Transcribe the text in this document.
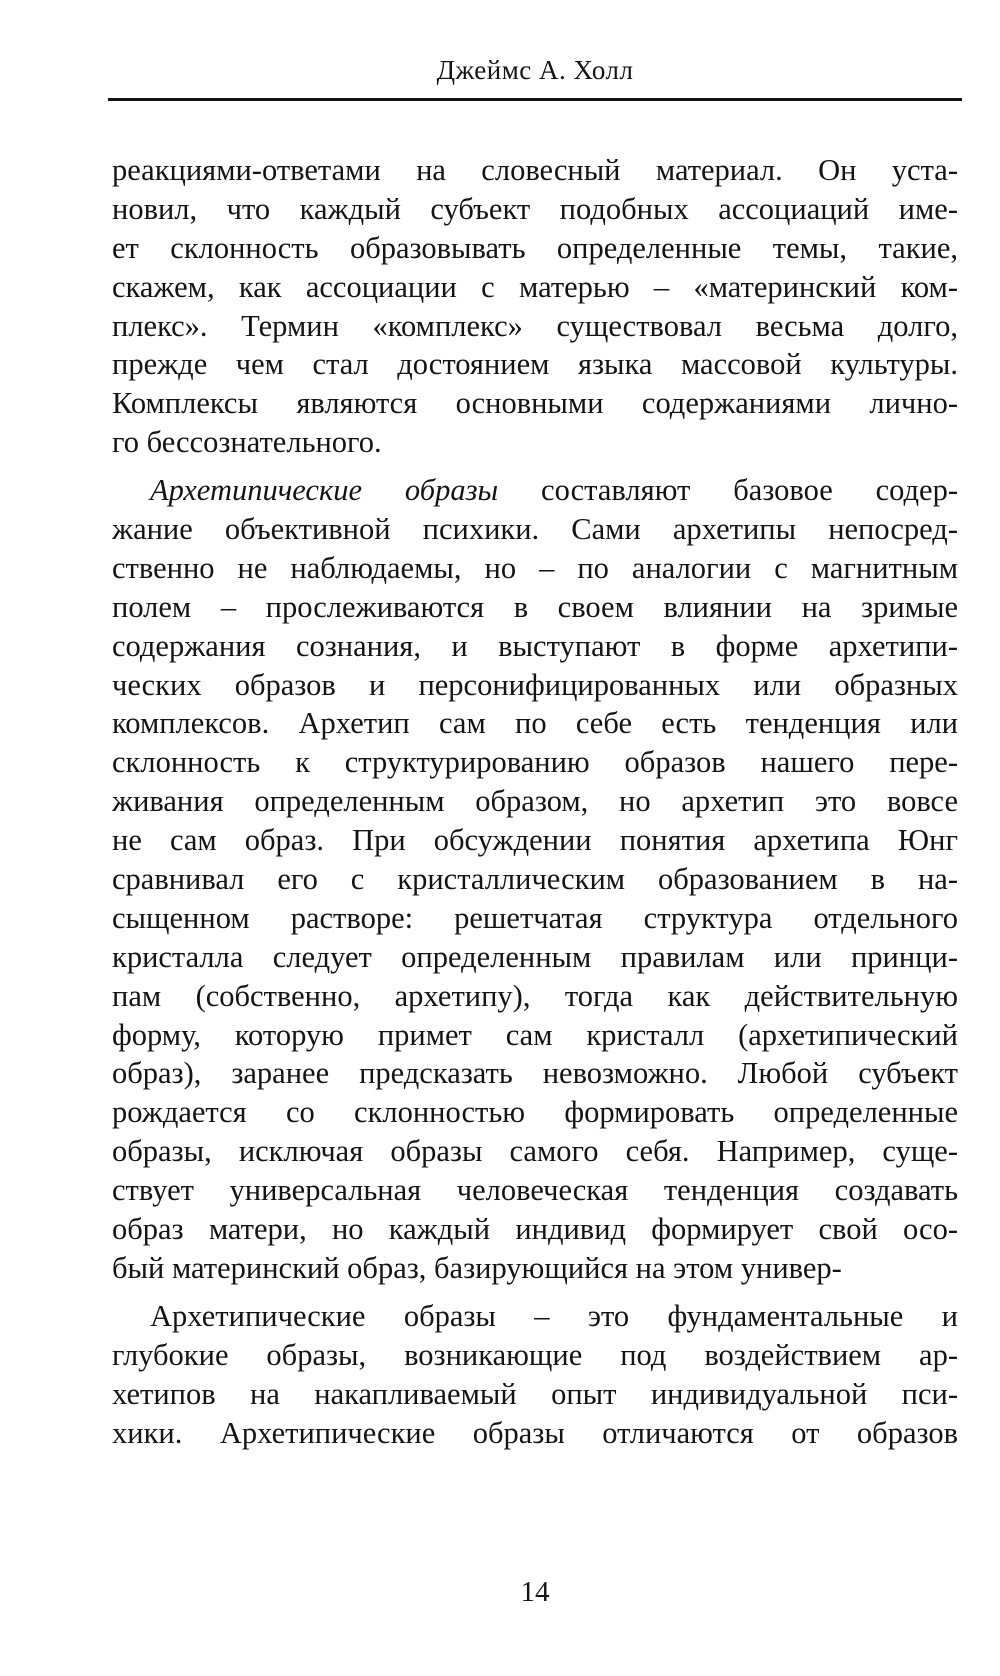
Джеймс А. Холл
реакциями-ответами на словесный материал. Он уста-
новил, что каждый субъект подобных ассоциаций име-
ет склонность образовывать определенные темы, такие,
скажем, как ассоциации с матерью – «материнский ком-
плекс». Термин «комплекс» существовал весьма долго,
прежде чем стал достоянием языка массовой культуры.
Комплексы являются основными содержаниями лично-
го бессознательного.
Архетипические образы составляют базовое содер-
жание объективной психики. Сами архетипы непосред-
ственно не наблюдаемы, но – по аналогии с магнитным
полем – прослеживаются в своем влиянии на зримые
содержания сознания, и выступают в форме архетипи-
ческих образов и персонифицированных или образных
комплексов. Архетип сам по себе есть тенденция или
склонность к структурированию образов нашего пере-
живания определенным образом, но архетип это вовсе
не сам образ. При обсуждении понятия архетипа Юнг
сравнивал его с кристаллическим образованием в на-
сыщенном растворе: решетчатая структура отдельного
кристалла следует определенным правилам или принци-
пам (собственно, архетипу), тогда как действительную
форму, которую примет сам кристалл (архетипический
образ), заранее предсказать невозможно. Любой субъект
рождается со склонностью формировать определенные
образы, исключая образы самого себя. Например, суще-
ствует универсальная человеческая тенденция создавать
образ матери, но каждый индивид формирует свой осо-
бый материнский образ, базирующийся на этом универ-
Архетипические образы – это фундаментальные и
глубокие образы, возникающие под воздействием ар-
хетипов на накапливаемый опыт индивидуальной пси-
хики. Архетипические образы отличаются от образов
14
